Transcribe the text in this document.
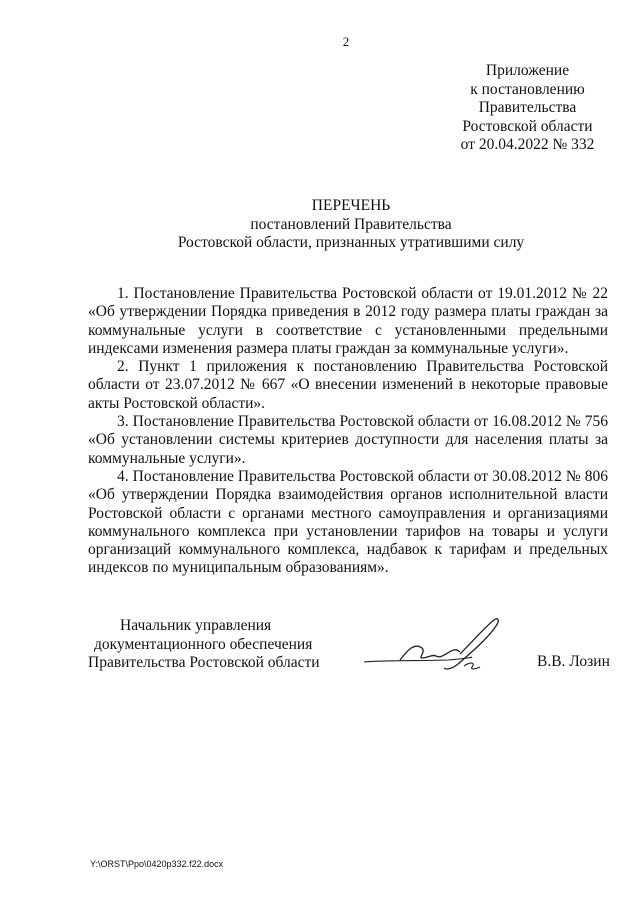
2
Приложение
к постановлению
Правительства
Ростовской области
от 20.04.2022 № 332
ПЕРЕЧЕНЬ
постановлений Правительства
Ростовской области, признанных утратившими силу

1. Постановление Правительства Ростовской области от 19.01.2012 № 22 «Об утверждении Порядка приведения в 2012 году размера платы граждан за коммунальные услуги в соответствие с установленными предельными индексами изменения размера платы граждан за коммунальные услуги».

2. Пункт 1 приложения к постановлению Правительства Ростовской области от 23.07.2012 № 667 «О внесении изменений в некоторые правовые акты Ростовской области».

3. Постановление Правительства Ростовской области от 16.08.2012 № 756 «Об установлении системы критериев доступности для населения платы за коммунальные услуги».

4. Постановление Правительства Ростовской области от 30.08.2012 № 806 «Об утверждении Порядка взаимодействия органов исполнительной власти Ростовской области с органами местного самоуправления и организациями коммунального комплекса при установлении тарифов на товары и услуги организаций коммунального комплекса, надбавок к тарифам и предельных индексов по муниципальным образованиям».

Начальник управления
документационного обеспечения
Правительства Ростовской области	В.В. Лозин
Y:\ORST\Ppo\0420p332.f22.docx
